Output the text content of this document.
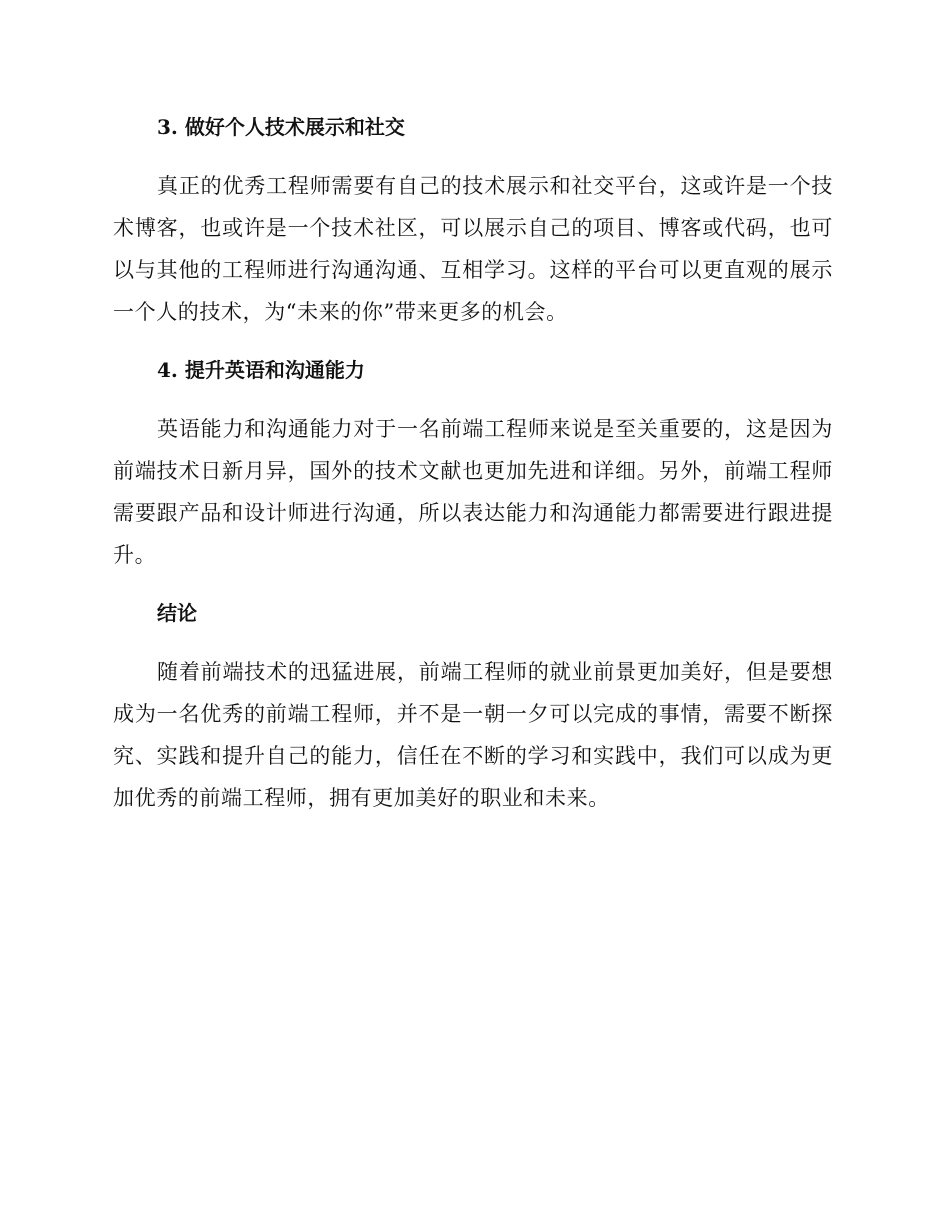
3. 做好个人技术展示和社交

真正的优秀工程师需要有自己的技术展示和社交平台，这或许是一个技术博客，也或许是一个技术社区，可以展示自己的项目、博客或代码，也可以与其他的工程师进行沟通沟通、互相学习。这样的平台可以更直观的展示一个人的技术，为“未来的你”带来更多的机会。

4. 提升英语和沟通能力

英语能力和沟通能力对于一名前端工程师来说是至关重要的，这是因为前端技术日新月异，国外的技术文献也更加先进和详细。另外，前端工程师需要跟产品和设计师进行沟通，所以表达能力和沟通能力都需要进行跟进提升。

结论

随着前端技术的迅猛进展，前端工程师的就业前景更加美好，但是要想成为一名优秀的前端工程师，并不是一朝一夕可以完成的事情，需要不断探究、实践和提升自己的能力，信任在不断的学习和实践中，我们可以成为更加优秀的前端工程师，拥有更加美好的职业和未来。
